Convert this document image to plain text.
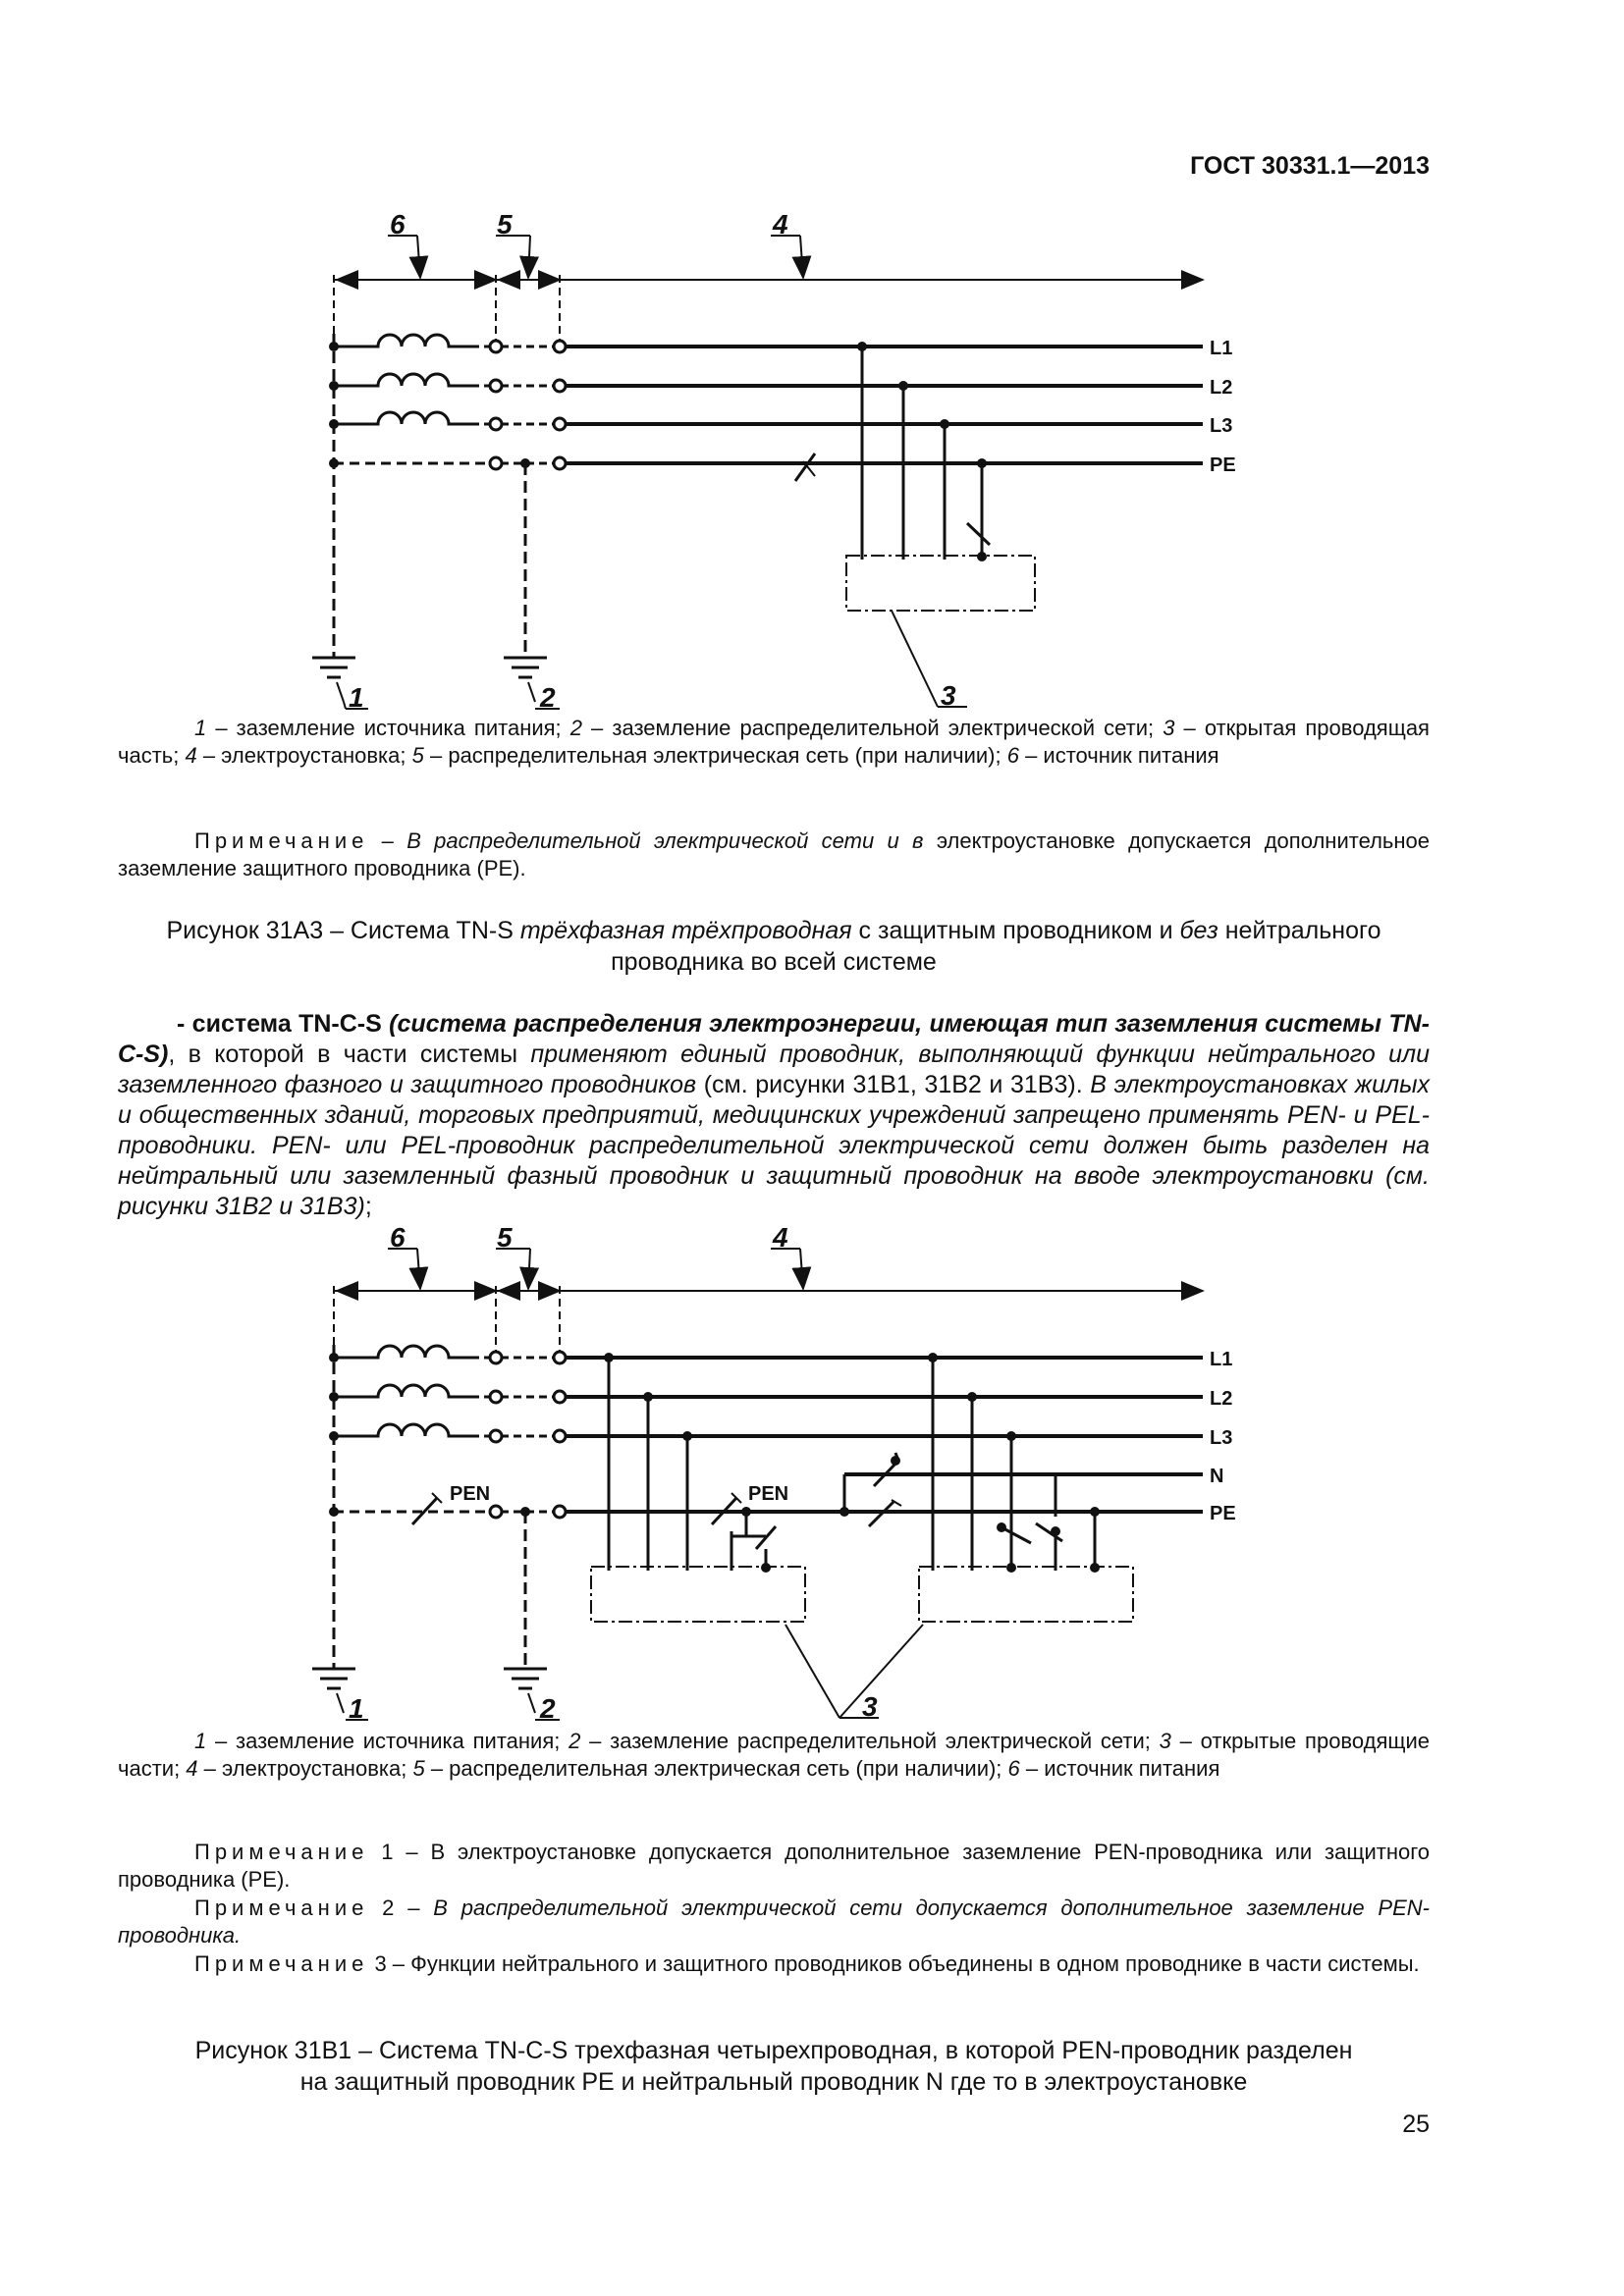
ГОСТ 30331.1—2013
L1
L2
L3
PE
6	5	4
1	2	3
1 – заземление источника питания; 2 – заземление распределительной электрической сети; 3 – открытая проводящая часть; 4 – электроустановка; 5 – распределительная электрическая сеть (при наличии); 6 – источник питания
Примечание – В распределительной электрической сети и в электроустановке допускается дополнительное заземление защитного проводника (PE).
Рисунок 31А3 – Система TN-S трёхфазная трёхпроводная с защитным проводником и без нейтрального проводника во всей системе
- система TN-C-S (система распределения электроэнергии, имеющая тип заземления системы TN-C-S), в которой в части системы применяют единый проводник, выполняющий функции нейтрального или заземленного фазного и защитного проводников (см. рисунки 31В1, 31В2 и 31В3). В электроустановках жилых и общественных зданий, торговых предприятий, медицинских учреждений запрещено применять PEN- и PEL-проводники. PEN- или PEL-проводник распределительной электрической сети должен быть разделен на нейтральный или заземленный фазный проводник и защитный проводник на вводе электроустановки (см. рисунки 31В2 и 31В3);
L1
L2
L3
N
PE
PEN	PEN
6	5	4
1	2	3
1 – заземление источника питания; 2 – заземление распределительной электрической сети; 3 – открытые проводящие части; 4 – электроустановка; 5 – распределительная электрическая сеть (при наличии); 6 – источник питания
Примечание 1 – В электроустановке допускается дополнительное заземление PEN-проводника или защитного проводника (PE).
Примечание 2 – В распределительной электрической сети допускается дополнительное заземление PEN-проводника.
Примечание 3 – Функции нейтрального и защитного проводников объединены в одном проводнике в части системы.
Рисунок 31В1 – Система TN-C-S трехфазная четырехпроводная, в которой PEN-проводник разделен
на защитный проводник PE и нейтральный проводник N где то в электроустановке
25
